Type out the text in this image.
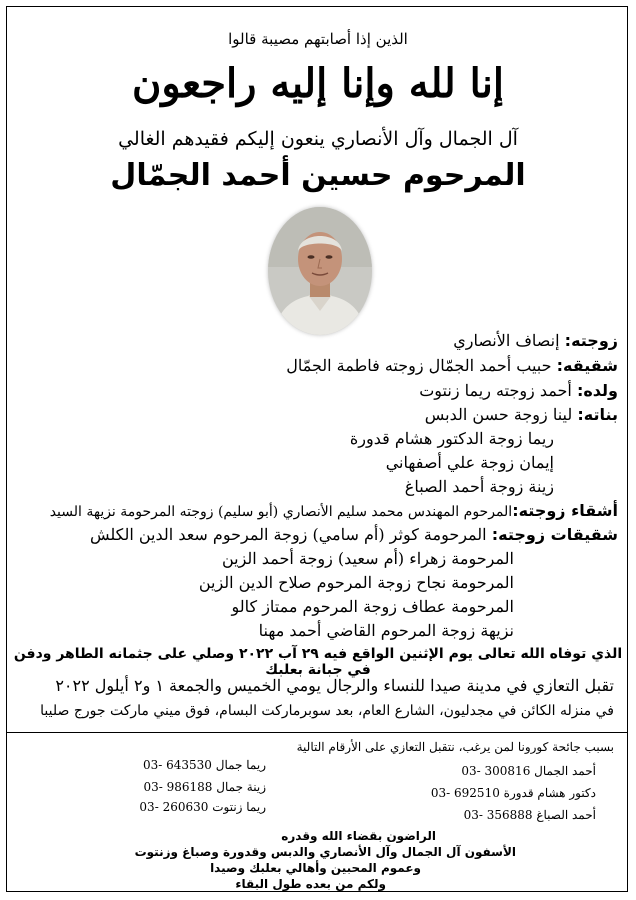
الذين إذا أصابتهم مصيبة قالوا
إنا لله وإنا إليه راجعون
آل الجمال وآل الأنصاري ينعون إليكم فقيدهم الغالي
المرحوم حسين أحمد الجمّال
زوجته: إنصاف الأنصاري
شقيقه: حبيب أحمد الجمّال زوجته فاطمة الجمّال
ولده: أحمد زوجته ريما زنتوت
بناته: لينا زوجة حسن الدبس
ريما زوجة الدكتور هشام قدورة
إيمان زوجة علي أصفهاني
زينة زوجة أحمد الصباغ
أشقاء زوجته:المرحوم المهندس محمد سليم الأنصاري (أبو سليم) زوجته المرحومة نزيهة السيد
شقيقات زوجته: المرحومة كوثر (أم سامي) زوجة المرحوم سعد الدين الكلش
المرحومة زهراء (أم سعيد) زوجة أحمد الزين
المرحومة نجاح زوجة المرحوم صلاح الدين الزين
المرحومة عطاف زوجة المرحوم ممتاز كالو
نزيهة زوجة المرحوم القاضي أحمد مهنا
الذي توفاه الله تعالى يوم الإثنين الواقع فيه ٢٩ آب ٢٠٢٢ وصلي على جثمانه الطاهر ودفن في جبانة بعلبك
تقبل التعازي في مدينة صيدا للنساء والرجال يومي الخميس والجمعة ١ و٢ أيلول ٢٠٢٢
في منزله الكائن في مجدليون، الشارع العام، بعد سوبرماركت البسام، فوق ميني ماركت جورج صليبا
بسبب جائحة كورونا لمن يرغب، نتقبل التعازي على الأرقام التالية
أحمد الجمال 300816 -03
دكتور هشام قدورة 692510 -03
أحمد الصباغ 356888 -03
ريما جمال 643530 -03
زينة جمال 986188 -03
ريما زنتوت 260630 -03
الراضون بقضاء الله وقدره
الأسفون آل الجمال وآل الأنصاري والدبس وقدورة وصباغ وزنتوت
وعموم المحبين وأهالي بعلبك وصيدا
ولكم من بعده طول البقاء
